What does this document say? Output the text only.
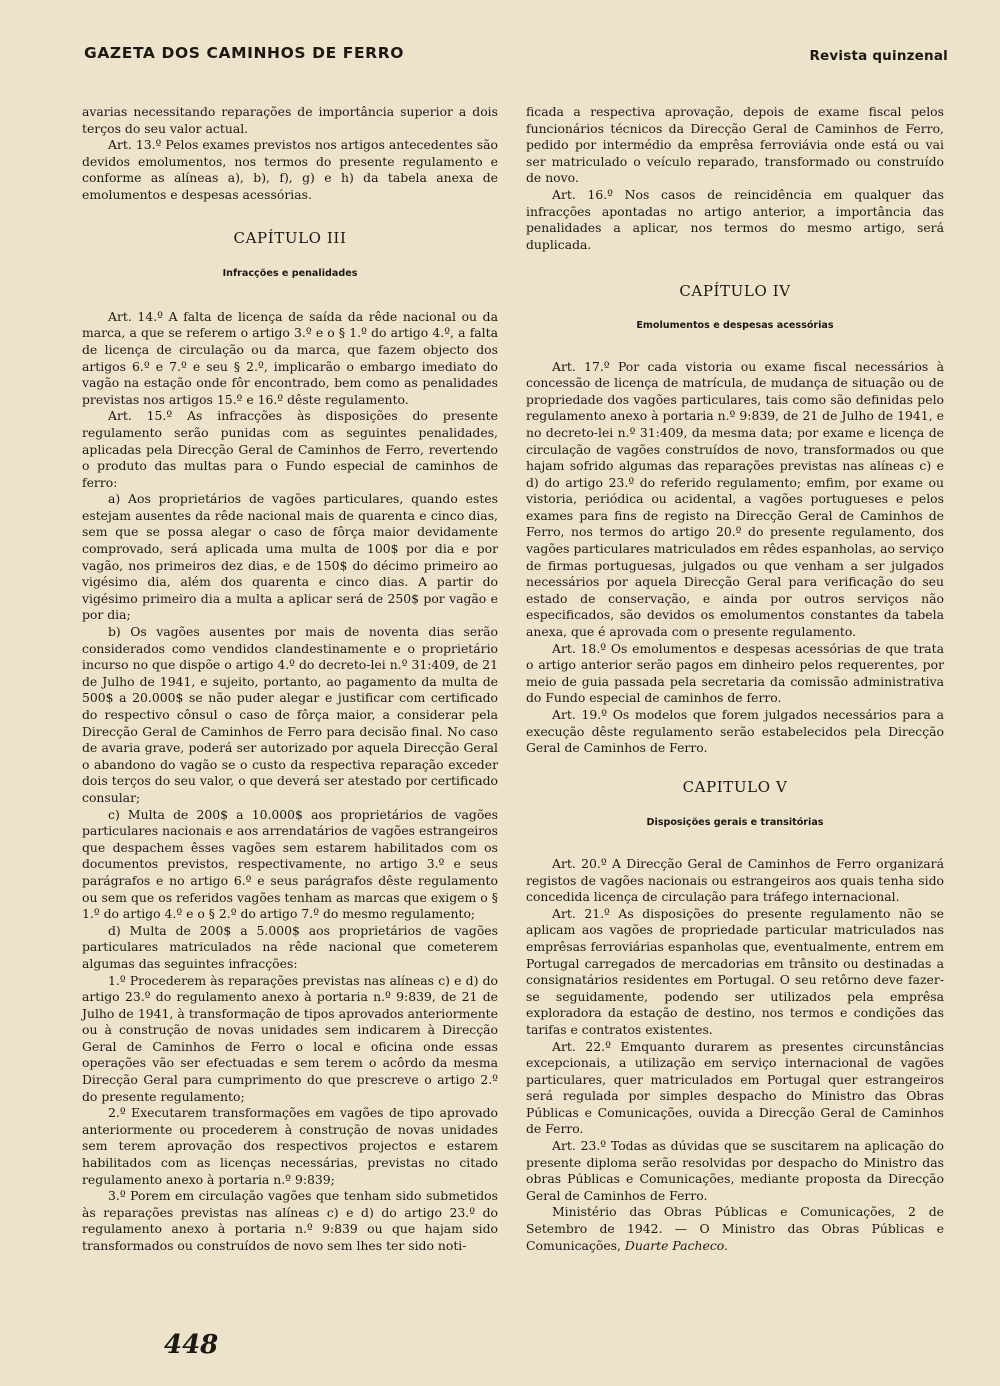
GAZETA DOS CAMINHOS DE FERRO	Revista quinzenal

avarias necessitando reparações de importância superior a dois terços do seu valor actual.

Art. 13.º Pelos exames previstos nos artigos antecedentes são devidos emolumentos, nos termos do presente regulamento e conforme as alíneas a), b), f), g) e h) da tabela anexa de emolumentos e despesas acessórias.

CAPÍTULO III

Infracções e penalidades

Art. 14.º A falta de licença de saída da rêde nacional ou da marca, a que se referem o artigo 3.º e o § 1.º do artigo 4.º, a falta de licença de circulação ou da marca, que fazem objecto dos artigos 6.º e 7.º e seu § 2.º, implicarão o embargo imediato do vagão na estação onde fôr encontrado, bem como as penalidades previstas nos artigos 15.º e 16.º dêste regulamento.

Art. 15.º As infracções às disposições do presente regulamento serão punidas com as seguintes penalidades, aplicadas pela Direcção Geral de Caminhos de Ferro, revertendo o produto das multas para o Fundo especial de caminhos de ferro:

a) Aos proprietários de vagões particulares, quando estes estejam ausentes da rêde nacional mais de quarenta e cinco dias, sem que se possa alegar o caso de fôrça maior devidamente comprovado, será aplicada uma multa de 100$ por dia e por vagão, nos primeiros dez dias, e de 150$ do décimo primeiro ao vigésimo dia, além dos quarenta e cinco dias. A partir do vigésimo primeiro dia a multa a aplicar será de 250$ por vagão e por dia;

b) Os vagões ausentes por mais de noventa dias serão considerados como vendidos clandestinamente e o proprietário incurso no que dispõe o artigo 4.º do decreto-lei n.º 31:409, de 21 de Julho de 1941, e sujeito, portanto, ao pagamento da multa de 500$ a 20.000$ se não puder alegar e justificar com certificado do respectivo cônsul o caso de fôrça maior, a considerar pela Direcção Geral de Caminhos de Ferro para decisão final. No caso de avaria grave, poderá ser autorizado por aquela Direcção Geral o abandono do vagão se o custo da respectiva reparação exceder dois terços do seu valor, o que deverá ser atestado por certificado consular;

c) Multa de 200$ a 10.000$ aos proprietários de vagões particulares nacionais e aos arrendatários de vagões estrangeiros que despachem êsses vagões sem estarem habilitados com os documentos previstos, respectivamente, no artigo 3.º e seus parágrafos e no artigo 6.º e seus parágrafos dêste regulamento ou sem que os referidos vagões tenham as marcas que exigem o § 1.º do artigo 4.º e o § 2.º do artigo 7.º do mesmo regulamento;

d) Multa de 200$ a 5.000$ aos proprietários de vagões particulares matriculados na rêde nacional que cometerem algumas das seguintes infracções:

1.º Procederem às reparações previstas nas alíneas c) e d) do artigo 23.º do regulamento anexo à portaria n.º 9:839, de 21 de Julho de 1941, à transformação de tipos aprovados anteriormente ou à construção de novas unidades sem indicarem à Direcção Geral de Caminhos de Ferro o local e oficina onde essas operações vão ser efectuadas e sem terem o acôrdo da mesma Direcção Geral para cumprimento do que prescreve o artigo 2.º do presente regulamento;

2.º Executarem transformações em vagões de tipo aprovado anteriormente ou procederem à construção de novas unidades sem terem aprovação dos respectivos projectos e estarem habilitados com as licenças necessárias, previstas no citado regulamento anexo à portaria n.º 9:839;

3.º Porem em circulação vagões que tenham sido submetidos às reparações previstas nas alíneas c) e d) do artigo 23.º do regulamento anexo à portaria n.º 9:839 ou que hajam sido transformados ou construídos de novo sem lhes ter sido noti-

ficada a respectiva aprovação, depois de exame fiscal pelos funcionários técnicos da Direcção Geral de Caminhos de Ferro, pedido por intermédio da emprêsa ferroviávia onde está ou vai ser matriculado o veículo reparado, transformado ou construído de novo.

Art. 16.º Nos casos de reincidência em qualquer das infracções apontadas no artigo anterior, a importância das penalidades a aplicar, nos termos do mesmo artigo, será duplicada.

CAPÍTULO IV

Emolumentos e despesas acessórias

Art. 17.º Por cada vistoria ou exame fiscal necessários à concessão de licença de matrícula, de mudança de situação ou de propriedade dos vagões particulares, tais como são definidas pelo regulamento anexo à portaria n.º 9:839, de 21 de Julho de 1941, e no decreto-lei n.º 31:409, da mesma data; por exame e licença de circulação de vagões construídos de novo, transformados ou que hajam sofrido algumas das reparações previstas nas alíneas c) e d) do artigo 23.º do referido regulamento; emfim, por exame ou vistoria, periódica ou acidental, a vagões portugueses e pelos exames para fins de registo na Direcção Geral de Caminhos de Ferro, nos termos do artigo 20.º do presente regulamento, dos vagões particulares matriculados em rêdes espanholas, ao serviço de firmas portuguesas, julgados ou que venham a ser julgados necessários por aquela Direcção Geral para verificação do seu estado de conservação, e ainda por outros serviços não especificados, são devidos os emolumentos constantes da tabela anexa, que é aprovada com o presente regulamento.

Art. 18.º Os emolumentos e despesas acessórias de que trata o artigo anterior serão pagos em dinheiro pelos requerentes, por meio de guia passada pela secretaria da comissão administrativa do Fundo especial de caminhos de ferro.

Art. 19.º Os modelos que forem julgados necessários para a execução dêste regulamento serão estabelecidos pela Direcção Geral de Caminhos de Ferro.

CAPITULO V

Disposições gerais e transitórias

Art. 20.º A Direcção Geral de Caminhos de Ferro organizará registos de vagões nacionais ou estrangeiros aos quais tenha sido concedida licença de circulação para tráfego internacional.

Art. 21.º As disposições do presente regulamento não se aplicam aos vagões de propriedade particular matriculados nas emprêsas ferroviárias espanholas que, eventualmente, entrem em Portugal carregados de mercadorias em trânsito ou destinadas a consignatários residentes em Portugal. O seu retôrno deve fazer-se seguidamente, podendo ser utilizados pela emprêsa exploradora da estação de destino, nos termos e condições das tarifas e contratos existentes.

Art. 22.º Emquanto durarem as presentes circunstâncias excepcionais, a utilização em serviço internacional de vagões particulares, quer matriculados em Portugal quer estrangeiros será regulada por simples despacho do Ministro das Obras Públicas e Comunicações, ouvida a Direcção Geral de Caminhos de Ferro.

Art. 23.º Todas as dúvidas que se suscitarem na aplicação do presente diploma serão resolvidas por despacho do Ministro das obras Públicas e Comunicações, mediante proposta da Direcção Geral de Caminhos de Ferro.

Ministério das Obras Públicas e Comunicações, 2 de Setembro de 1942. — O Ministro das Obras Públicas e Comunicações, Duarte Pacheco.

448
